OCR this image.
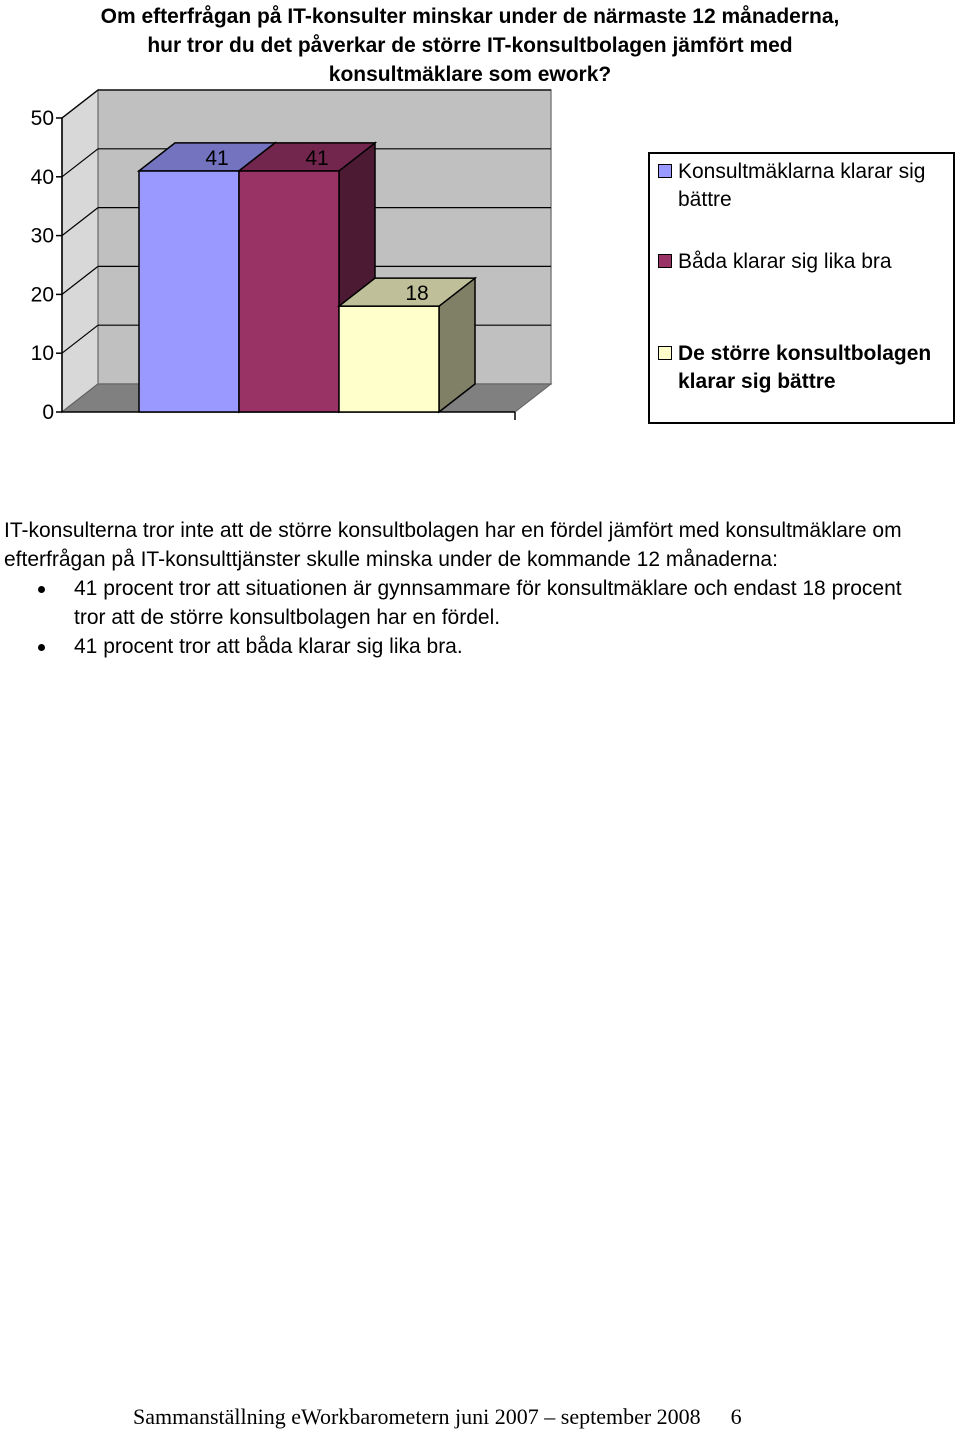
Om efterfrågan på IT-konsulter minskar under de närmaste 12 månaderna, hur tror du det påverkar de större IT-konsultbolagen jämfört med konsultmäklare som ework?
0
10
20
30
40
50
41	41
18
Konsultmäklarna klarar sig bättre
Båda klarar sig lika bra
De större konsultbolagen klarar sig bättre

IT-konsulterna tror inte att de större konsultbolagen har en fördel jämfört med konsultmäklare om efterfrågan på IT-konsulttjänster skulle minska under de kommande 12 månaderna:

41 procent tror att situationen är gynnsammare för konsultmäklare och endast 18 procent tror att de större konsultbolagen har en fördel.
41 procent tror att båda klarar sig lika bra.
Sammanställning eWorkbarometern juni 2007 – september 2008 6
